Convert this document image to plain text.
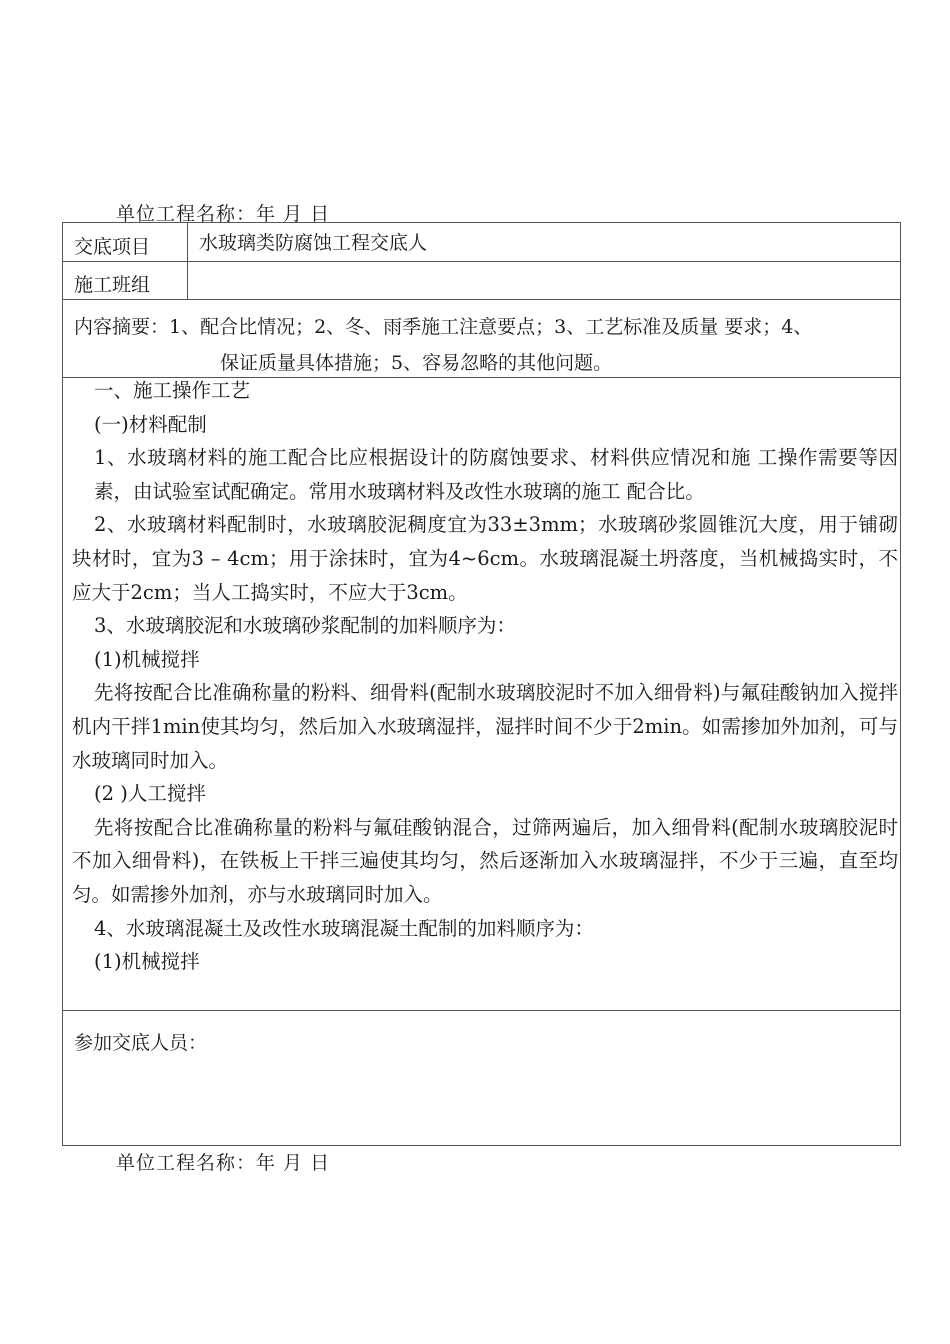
单位工程名称：年 月 日
交底项目	水玻璃类防腐蚀工程交底人
施工班组
内容摘要：1、配合比情况；2、冬、雨季施工注意要点；3、工艺标准及质量 要求；4、
保证质量具体措施；5、容易忽略的其他问题。

一、施工操作工艺

(一)材料配制

1、水玻璃材料的施工配合比应根据设计的防腐蚀要求、材料供应情况和施 工操作需要等因素，由试验室试配确定。常用水玻璃材料及改性水玻璃的施工 配合比。

2、水玻璃材料配制时，水玻璃胶泥稠度宜为33±3mm；水玻璃砂浆圆锥沉大度，用于铺砌块材时，宜为3 – 4cm；用于涂抹时，宜为4~6cm。水玻璃混凝土坍落度，当机械捣实时，不应大于2cm；当人工捣实时，不应大于3cm。

3、水玻璃胶泥和水玻璃砂浆配制的加料顺序为：

(1)机械搅拌

先将按配合比准确称量的粉料、细骨料(配制水玻璃胶泥时不加入细骨料)与氟硅酸钠加入搅拌机内干拌1min使其均匀，然后加入水玻璃湿拌，湿拌时间不少于2min。如需掺加外加剂，可与水玻璃同时加入。

(2 )人工搅拌

先将按配合比准确称量的粉料与氟硅酸钠混合，过筛两遍后，加入细骨料(配制水玻璃胶泥时不加入细骨料)，在铁板上干拌三遍使其均匀，然后逐渐加入水玻璃湿拌，不少于三遍，直至均匀。如需掺外加剂，亦与水玻璃同时加入。

4、水玻璃混凝土及改性水玻璃混凝土配制的加料顺序为：

(1)机械搅拌

参加交底人员：
单位工程名称：年 月 日
